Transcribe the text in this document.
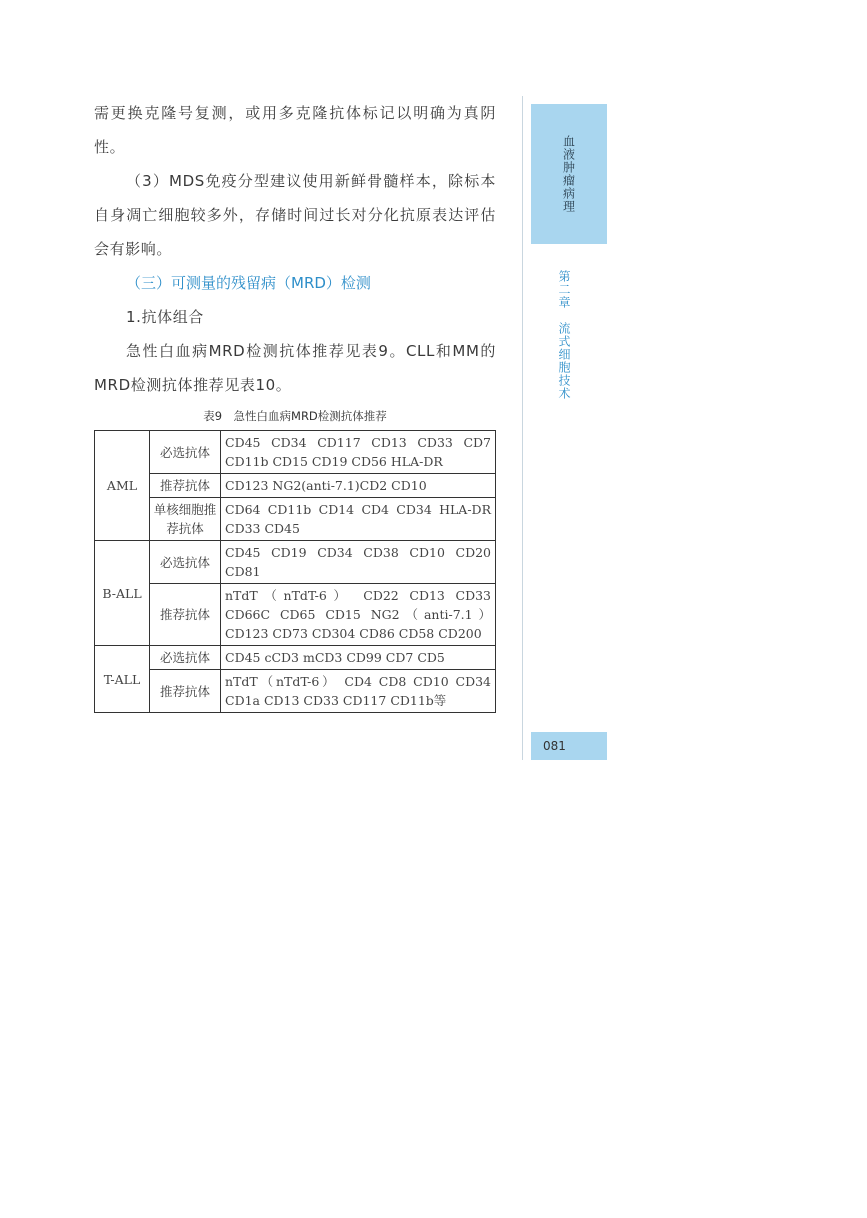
需更换克隆号复测，或用多克隆抗体标记以明确为真阴性。

（3）MDS免疫分型建议使用新鲜骨髓样本，除标本自身凋亡细胞较多外，存储时间过长对分化抗原表达评估会有影响。

（三）可测量的残留病（MRD）检测

1.抗体组合

急性白血病MRD检测抗体推荐见表9。CLL和MM的MRD检测抗体推荐见表10。

表9　急性白血病MRD检测抗体推荐
AML	必选抗体	CD45 CD34 CD117 CD13 CD33 CD7 CD11b CD15 CD19 CD56 HLA-DR
	推荐抗体	CD123 NG2(anti-7.1)CD2 CD10
	单核细胞推荐抗体	CD64 CD11b CD14 CD4 CD34 HLA-DR CD33 CD45
B-ALL	必选抗体	CD45 CD19 CD34 CD38 CD10 CD20 CD81
	推荐抗体	nTdT（nTdT-6） CD22 CD13 CD33 CD66C CD65 CD15 NG2（anti-7.1） CD123 CD73 CD304 CD86 CD58 CD200
T-ALL	必选抗体	CD45 cCD3 mCD3 CD99 CD7 CD5
	推荐抗体	nTdT（nTdT-6） CD4 CD8 CD10 CD34 CD1a CD13 CD33 CD117 CD11b等
血液肿瘤病理
第二章　流式细胞技术
081
